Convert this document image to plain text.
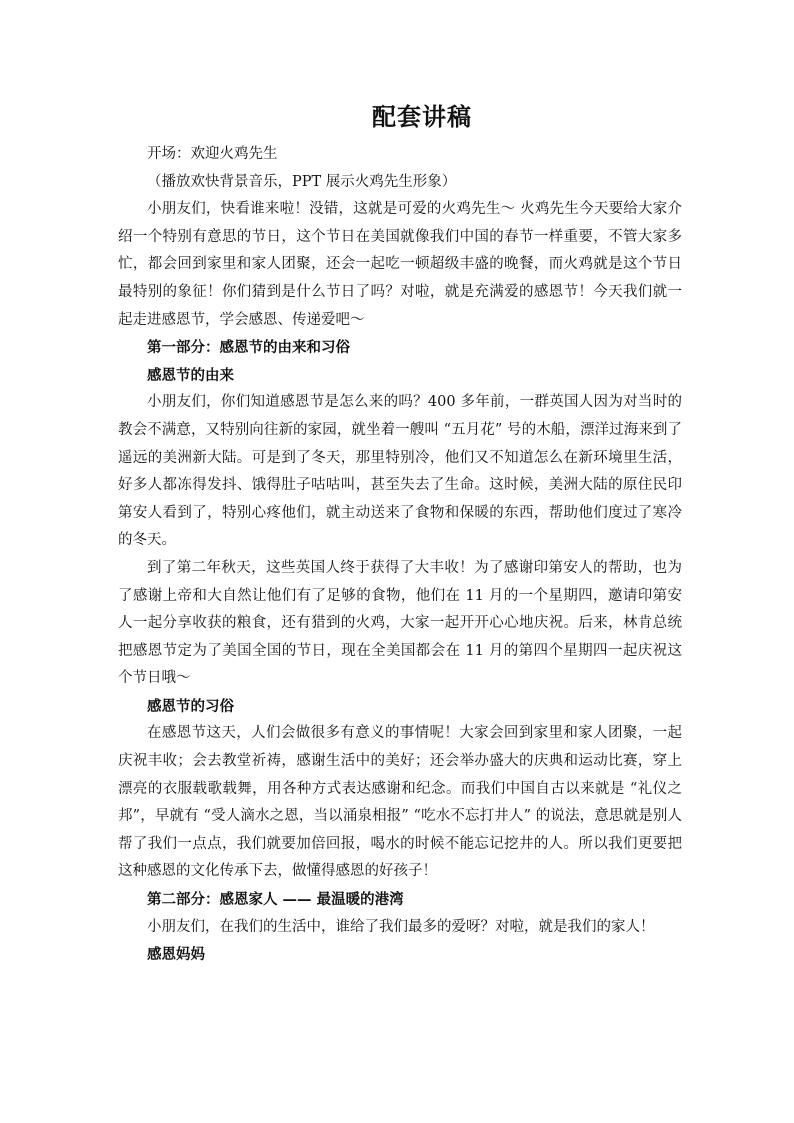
配套讲稿

开场：欢迎火鸡先生

（播放欢快背景音乐，PPT 展示火鸡先生形象）

小朋友们，快看谁来啦！没错，这就是可爱的火鸡先生～ 火鸡先生今天要给大家介绍一个特别有意思的节日，这个节日在美国就像我们中国的春节一样重要，不管大家多忙，都会回到家里和家人团聚，还会一起吃一顿超级丰盛的晚餐，而火鸡就是这个节日最特别的象征！你们猜到是什么节日了吗？对啦，就是充满爱的感恩节！今天我们就一起走进感恩节，学会感恩、传递爱吧～

第一部分：感恩节的由来和习俗

感恩节的由来

小朋友们，你们知道感恩节是怎么来的吗？400 多年前，一群英国人因为对当时的教会不满意，又特别向往新的家园，就坐着一艘叫 “五月花” 号的木船，漂洋过海来到了遥远的美洲新大陆。可是到了冬天，那里特别冷，他们又不知道怎么在新环境里生活，好多人都冻得发抖、饿得肚子咕咕叫，甚至失去了生命。这时候，美洲大陆的原住民印第安人看到了，特别心疼他们，就主动送来了食物和保暖的东西，帮助他们度过了寒冷的冬天。

到了第二年秋天，这些英国人终于获得了大丰收！为了感谢印第安人的帮助，也为了感谢上帝和大自然让他们有了足够的食物，他们在 11 月的一个星期四，邀请印第安人一起分享收获的粮食，还有猎到的火鸡，大家一起开开心心地庆祝。后来，林肯总统把感恩节定为了美国全国的节日，现在全美国都会在 11 月的第四个星期四一起庆祝这个节日哦～

感恩节的习俗

在感恩节这天，人们会做很多有意义的事情呢！大家会回到家里和家人团聚，一起庆祝丰收；会去教堂祈祷，感谢生活中的美好；还会举办盛大的庆典和运动比赛，穿上漂亮的衣服载歌载舞，用各种方式表达感谢和纪念。而我们中国自古以来就是 “礼仪之邦”，早就有 “受人滴水之恩，当以涌泉相报” “吃水不忘打井人” 的说法，意思就是别人帮了我们一点点，我们就要加倍回报，喝水的时候不能忘记挖井的人。所以我们更要把这种感恩的文化传承下去，做懂得感恩的好孩子！

第二部分：感恩家人 —— 最温暖的港湾

小朋友们，在我们的生活中，谁给了我们最多的爱呀？对啦，就是我们的家人！

感恩妈妈
